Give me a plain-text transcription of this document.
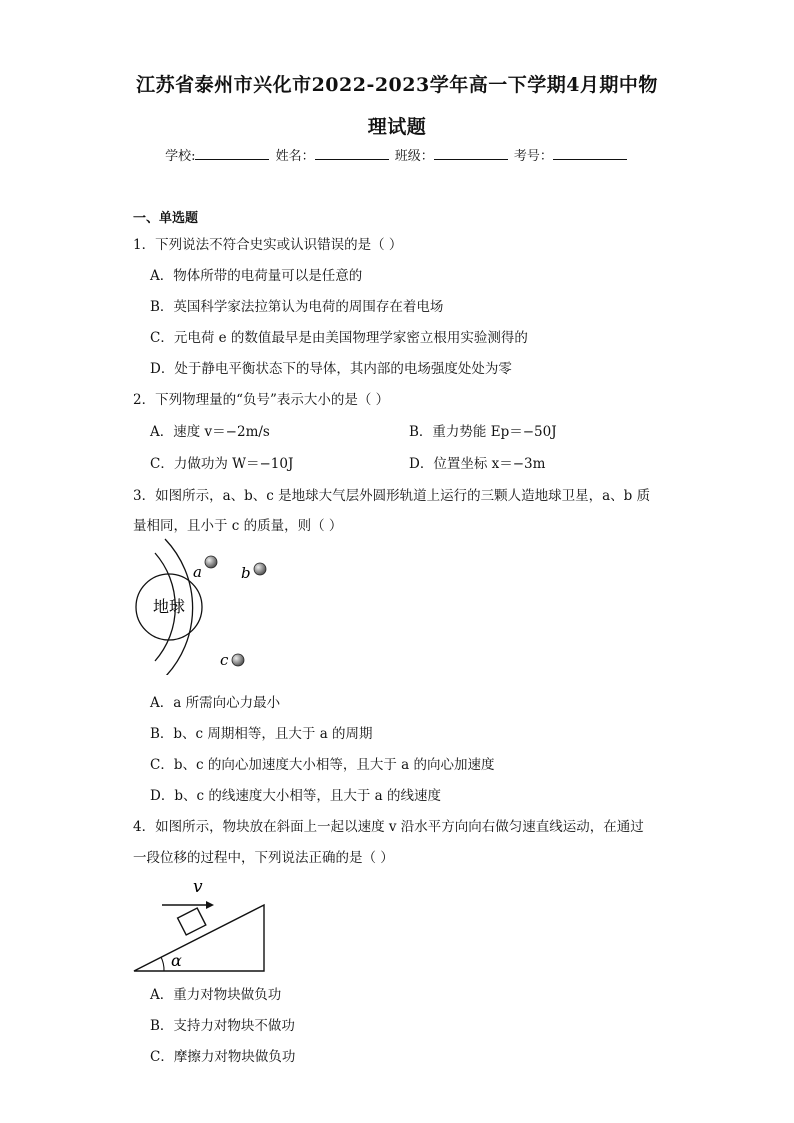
江苏省泰州市兴化市2022-2023学年高一下学期4月期中物
理试题
学校:	姓名：	班级：	考号：
一、单选题
1．下列说法不符合史实或认识错误的是（ ）
A．物体所带的电荷量可以是任意的
B．英国科学家法拉第认为电荷的周围存在着电场
C．元电荷 e 的数值最早是由美国物理学家密立根用实验测得的
D．处于静电平衡状态下的导体，其内部的电场强度处处为零
2．下列物理量的“负号”表示大小的是（ ）
A．速度 v＝−2m/s	B．重力势能 Ep＝−50J
C．力做功为 W＝−10J	D．位置坐标 x＝−3m
3．如图所示，a、b、c 是地球大气层外圆形轨道上运行的三颗人造地球卫星，a、b 质
量相同，且小于 c 的质量，则（ ）
地球
a	b
c
A．a 所需向心力最小
B．b、c 周期相等，且大于 a 的周期
C．b、c 的向心加速度大小相等，且大于 a 的向心加速度
D．b、c 的线速度大小相等，且大于 a 的线速度
4．如图所示，物块放在斜面上一起以速度 v 沿水平方向向右做匀速直线运动，在通过
一段位移的过程中，下列说法正确的是（ ）
v
α
A．重力对物块做负功
B．支持力对物块不做功
C．摩擦力对物块做负功
